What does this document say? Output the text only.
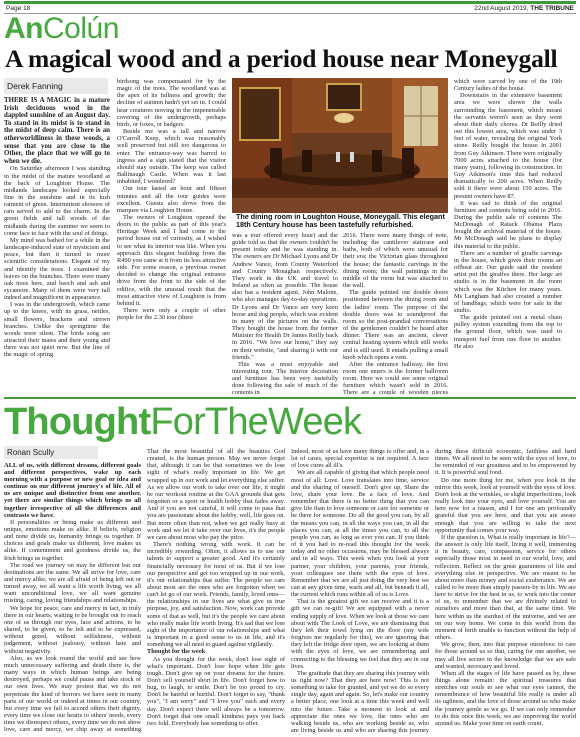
Page 18	22nd August 2019, THE TRIBUNE
AnColún
A magical wood and a period house near Moneygall
Derek Fanning

THERE IS A MAGIC in a mature Irish deciduous wood in the dappled sunshine of an August day. To stand in its midst is to stand in the midst of deep calm. There is an otherworldliness in these woods, a sense that you are close to the Other, the place that we will go to when we die.

On Saturday afternoon I was standing in the midst of the mature woodland at the back of Loughton House. The midlands landscape looked especially fine in the sunshine and in its lush raiment of green. Intermittent showers of rain served to add to the charm. In the green fields and tall woods of the midlands during the summer we seem to come face to face with the soul of things.

My mind was bathed for a while in the landscape-induced state of mysticism and peace, but then it turned to more scientific considerations. Elegant of my and identify the trees. I examined the leaves on the branches. There were many oak trees here, and beech and ash and sycamore. Many of them were very tall indeed and magnificent in appearance.

I was in the undergrowth, which came up to the knees, with its grass, nettles, small flowers, brackens and strewn branches. Unlike the springtime the woods were silent. The birds song are attracted their mates and their young and there was not quiet now. But the line of the magic of spring

birdsong was compensated for by the magic of the trees. The woodland was at the apex of its fullness and growth; the decline of autumn hadn't yet set in. I could hear creatures moving in the impenetrable covering of the undergrowth, perhaps birds, or foxes, or badgers.

Beside me was a tall and narrow O'Carroll Keep, which was reasonably well preserved but still too dangerous to enter. The entrance-way was barred to ingress and a sign stated that the visitor should stay outside. The keep was called Ballinaugh Castle. When was it last inhabited, I wondered?

Our tour lasted an hour and fifteen minutes and all the tour guides were excellent. Guests also drove from the marquee via Loughton House.

The owners of Loughton opened the doors to the public as part of this year's Heritage Week and I had come to the period house out of curiosity, as I wished to see what its interior was like. When you approach this elegant building from the R490 you came at it from its less attractive side. For some reason, a previous owner decided to change the original entrance drive from the front to the side of the edifice, with the unusual result that the most attractive view of Loughton is from behind it.

There were only a couple of other people for the 2.30 tour (there

The dining room in Loughton House, Moneygall. This elegant 18th Century house has been tastefully refurbished.

was a tour offered every hour) and the guide told us that the owners couldn't be present today and he was standing in. The owners are Dr Michael Lyons and Dr Andrew Vance, from County Waterford and County Monaghan respectively. They work in the UK and travel to Ireland as often as possible. The house also has a resident agent, John Malone, who also manages day-to-day operations. Dr Lyons and Dr Vance are very keen horse and dog people, which was evident in many of the pictures on the walls. They bought the house from the former Minister for Health Dr James Reilly back in 2016. "We love our home," they say on their website, "and sharing it with our friends."

This was a most enjoyable and interesting tour. The interior decoration and furniture has been very tastefully done following the sale of much of the contents in

2016. There were many things of note, including the cantilever staircase and baths, both of which were unusual for their era; the Victorian glass throughout the house; the fantastic carvings in the dining room; the wall paintings in the middle of the room but was attached to the wall.

The guide pointed out double doors positioned between the dining room and the ladies' room. The purpose of the double doors was to soundproof the room so the post-prandial conversations of the gentlemen couldn't be heard after dinner. There was an ancient, clever central heating system which still works and is still used. It entails pulling a small knob which opens a vent.

After the entrance hallway, the first room one enters is the former ballroom room. Here we could see some original furniture which wasn't sold in 2016. There are a couple of wooden pieces

which were carved by one of the 19th Century ladies of the house.

Downstairs in the extensive basement area we were shown the walls surrounding the basement, which meant the servants weren't seen as they went about their daily chores. Dr Reilly dried out this lowest area, which was under 3 feet of water, revealing the original York stone. Reilly bought the house in 2001 from Guy Atkinson. There were originally 7000 acres attached to the house (for many years), following its construction. In Guy Atkinson's time this had reduced dramatically to 200 acres. When Reilly sold it there were about 150 acres. The present owners have 87.

It was sad to think of the original furniture and contents being sold in 2016. During the public sale of contents The McDonagh of Ratack Obama Plaza bought the archival material of the house. Mr McDonagh said he plans to display this material to the public.

There are a number of giraffe carvings in the house, which gives their rooms an offbeat air. Our guide said the resident artist put the giraffes there. Her large art studio is in the basement in the room which was the Kitchen for many years. Ms Langham had also created a number of handbags, which were for sale in the studio.

The guide pointed out a metal chain pulley system extending from the top to the ground floor, which was used to transport fuel from one floor to another. He also

ThoughtForTheWeek
Ronan Scully

ALL of us, with different dreams, different goals and different perspectives, wake up each morning with a purpose or new goal or idea and continue on our different journey's of life. All of us are unique and distinctive from one another, yet there are similar things which brings us all together irrespective of all the differences and contrasts we have.

If personalities or being make us different and unique, emotions make us alike. If beliefs, religion and none divide us, humanity brings us together. If choices and goals make us different, love makes us alike. If contentment and goodness divide us, the Irish brings us together.

The road we journey on may be different but our destinations are the same. We all strive for love, care and mercy alike, we are all afraid of being left out or turned away, we all want a life worth living, we all want unconditional love, we all want genuine trusting, caring, loving friendships and relationships.

We hope for peace, care and mercy in fact, in truly there in our hearts, waiting to be brought out to reach one of us through our eyes, face and actions, to be shared, to be given, to be felt and to be expressed, without greed, without selfishness, without judgement, without jealousy, without hate and without negativity.

Also, as we look round the world and see how much unnecessary suffering and death there is, the many ways in which human beings are being destroyed, perhaps we could pause and take stock of our own lives. We may protest that we do not perpetrate the kind of horrors we have seen in many parts of our world or indeed at times in our country, but every time we fail to accord others their dignity, every time we close our hearts to others' needs, every time we disrespect others, every time we do not show love, care and mercy, we chip away at something

That the most beautiful of all the beauties God created, is the human person. May we never forget that, although it can be that sometimes we do lose sight of what's really important in life. We get wrapped up in our work and let everything else suffer. As we allow our work to take over our life, it might be our workout routine at the GAA grounds that gets forgotten or a sport or health hobby that fades away. And if you are not careful, it will come to pass that you are passionate about the hobby, well, life goes on. But more often than not, when we get really busy at work and we let it take over our lives, it's the people we care about most who pay the price.

There's nothing wrong with work. It can be incredibly rewarding. Often, it allows us to use our talents to support a greater good. And it's certainly financially necessary for most of us. But if we lose our perspective and get too wrapped up in our work, it's our relationships that suffer. The people we care about most are the ones who are forgotten when we can't let go of our work. Friends, family, loved ones—the relationships in our lives are what give us true purpose, joy, and satisfaction. Now, work can provide some of that as well, but it's the people we care about who really make life worth living. It's sad that we lose sight of the importance of our relationships and what is important in a good sense to us in life, and it's something we all need to guard against vigilantly.

Thought for the week

As you thought for the week, don't lose sight of what's important. Don't lose hope when life gets tough. Don't give up on your dreams for the future. Don't sell yourself short in life. Don't forget how to hug, to laugh, to smile. Don't be too proud to cry. Don't be hateful or hurtful. Don't forget to say, "thank you", "I am sorry" and "I love you" each and every day. Don't expect there will always be a tomorrow. Don't forget that one small kindness pays you back two fold. Everybody has something to offer.

Indeed, most of us have many things to offer and, in a lot of cases, special expertise is not required. A face of love cures all ill's.

We are all capable of giving that which people need most of all: Love. Love translates into time, service and the sharing of oneself. Don't give up. Share the love, share your love. Be a face of love. And remember that there is no better thing that you can give life than to love someone or care for someone or be there for someone. Do all the good you can, by all the means you can, in all the ways you can, in all the places you can, at all the times you can, to all the people you can, as long as ever you can. If you think of it you had to re-read this thought for the week today and no other occasions, may be blessed always and in all ways. This week when you look at your partner, your children, your parents, your friends, your colleagues see them with the eyes of love. Remember that we are all just doing the very best we can at any given time, warts and all, but beneath it all, the current which runs within all of us is Love.

That is the greatest gift we can receive and it is a gift we can re-gift! We are equipped with a never ending supply of love. When we look at those we care about with The Look of Love, we are dismissing that they left their towel lying on the floor (my wife forgives me regularly for this), we are ignoring that they left the fridge door open, we are looking at them with the eyes of love, we are remembering and connecting to the blessing we feel that they are in our lives.

The gratitude that they are sharing this journey with us right now? That they are here now! This is not something to take for granted, and yet we do so every single day, again and again. So, let's make our country a better place, one look at a time this week and well into the future. Take a moment to look at and appreciate the ones we love, the ones who are walking beside us, who are working beside us, who are living beside us and who are sharing this journey

during these difficult economic, faithless and hard times. We all need to be seen with the eyes of love, to be reminded of our greatness and to be empowered by it. It is powerful soul food.

Do one more thing for me, when you look in the mirror this week, look at yourself with the eyes of love. Don't look at the wrinkles, or slight imperfections, look really look into your eyes, and love yourself. You are here now for a reason, and I for one am profoundly grateful that you are here, and that you are aware enough that you are willing to take the next opportunity that comes your way.

If the question is, What is really important in life?—the answer is only life itself, living it well, immersing it in beauty, care, compassion, service for others especially those most in need in our world, love, and reflection. Reflect on the great guarantees of life and everything else in perspective. We are meant to be about more than money and social exuberance. We are called to be more than simply passers-by in life. We are here to strive for the best in us, to work into the center of us, to remember that we are divinely related to ourselves and more than that, at the same time. We here within us the stardust of the universe, and we are on our way home. We come to this world from the moment of birth unable to function without the help of others.

We grow, then, into that purpose ourselves: to care for those around us so that, caring for one another, we may all live secure in the knowledge that we are safe and wanted, necessary and loved.

When all the stages of life have passed us by, these things alone remain: the spiritual treasures that stretches our souls to see what our eyes cannot, the remembrance of how beautiful life really is under all its ugliness, and the love of those around us who make the journey gentle as we go. If we can only remember to do this once this week, we are improving the world around us. Make your time on earth count.
